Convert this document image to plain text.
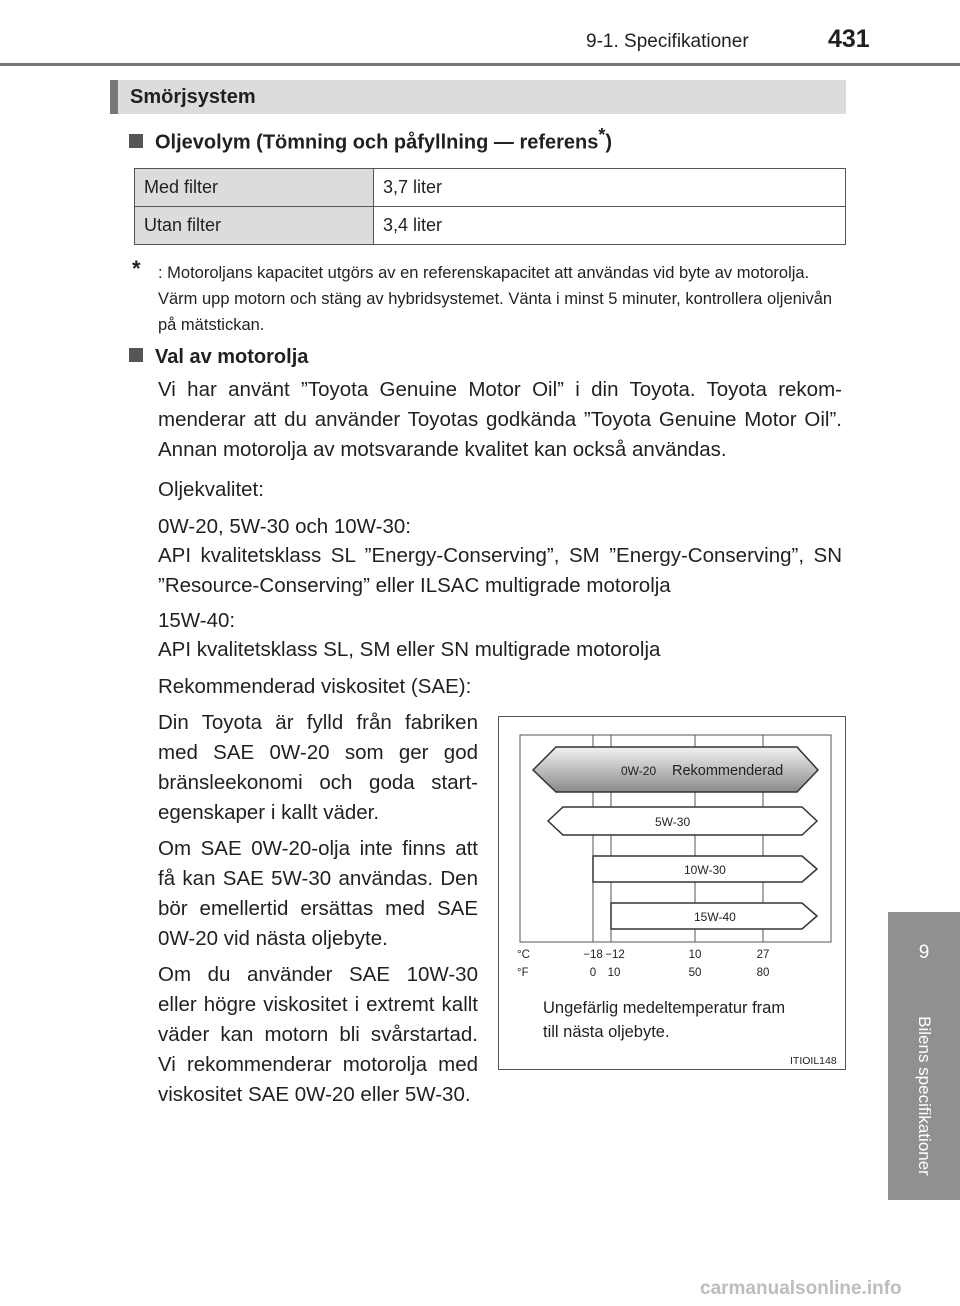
9-1. Specifikationer	431
9
Bilens specifikationer
Smörjsystem
Oljevolym (Tömning och påfyllning — referens*)
Med filter	3,7 liter
Utan filter	3,4 liter
* : Motoroljans kapacitet utgörs av en referenskapacitet att användas vid byte av motorolja. Värm upp motorn och stäng av hybridsystemet. Vänta i minst 5 minuter, kontrollera oljenivån på mätstickan.
Val av motorolja
Vi har använt ”Toyota Genuine Motor Oil” i din Toyota. Toyota rekommenderar att du använder Toyotas godkända ”Toyota Genuine Motor Oil”. Annan motorolja av motsvarande kvalitet kan också användas.
Oljekvalitet:
0W-20, 5W-30 och 10W-30:
API kvalitetsklass SL ”Energy-Conserving”, SM ”Energy-Conserving”, SN ”Resource-Conserving” eller ILSAC multigrade motorolja
15W-40:
API kvalitetsklass SL, SM eller SN multigrade motorolja
Rekommenderad viskositet (SAE):
Din Toyota är fylld från fabriken med SAE 0W-20 som ger god bränsleekonomi och goda startegenskaper i kallt väder.
Om SAE 0W-20-olja inte finns att få kan SAE 5W-30 användas. Den bör emellertid ersättas med SAE 0W-20 vid nästa oljebyte.
Om du använder SAE 10W-30 eller högre viskositet i extremt kallt väder kan motorn bli svårstartad. Vi rekommenderar motorolja med viskositet SAE 0W-20 eller 5W-30.
0W-20 Rekommenderad
5W-30
10W-30
15W-40
°C
°F
−18 −12	10	27
0 10	50	80
Ungefärlig medeltemperatur fram till nästa oljebyte.
ITIOIL148
carmanualsonline.info
